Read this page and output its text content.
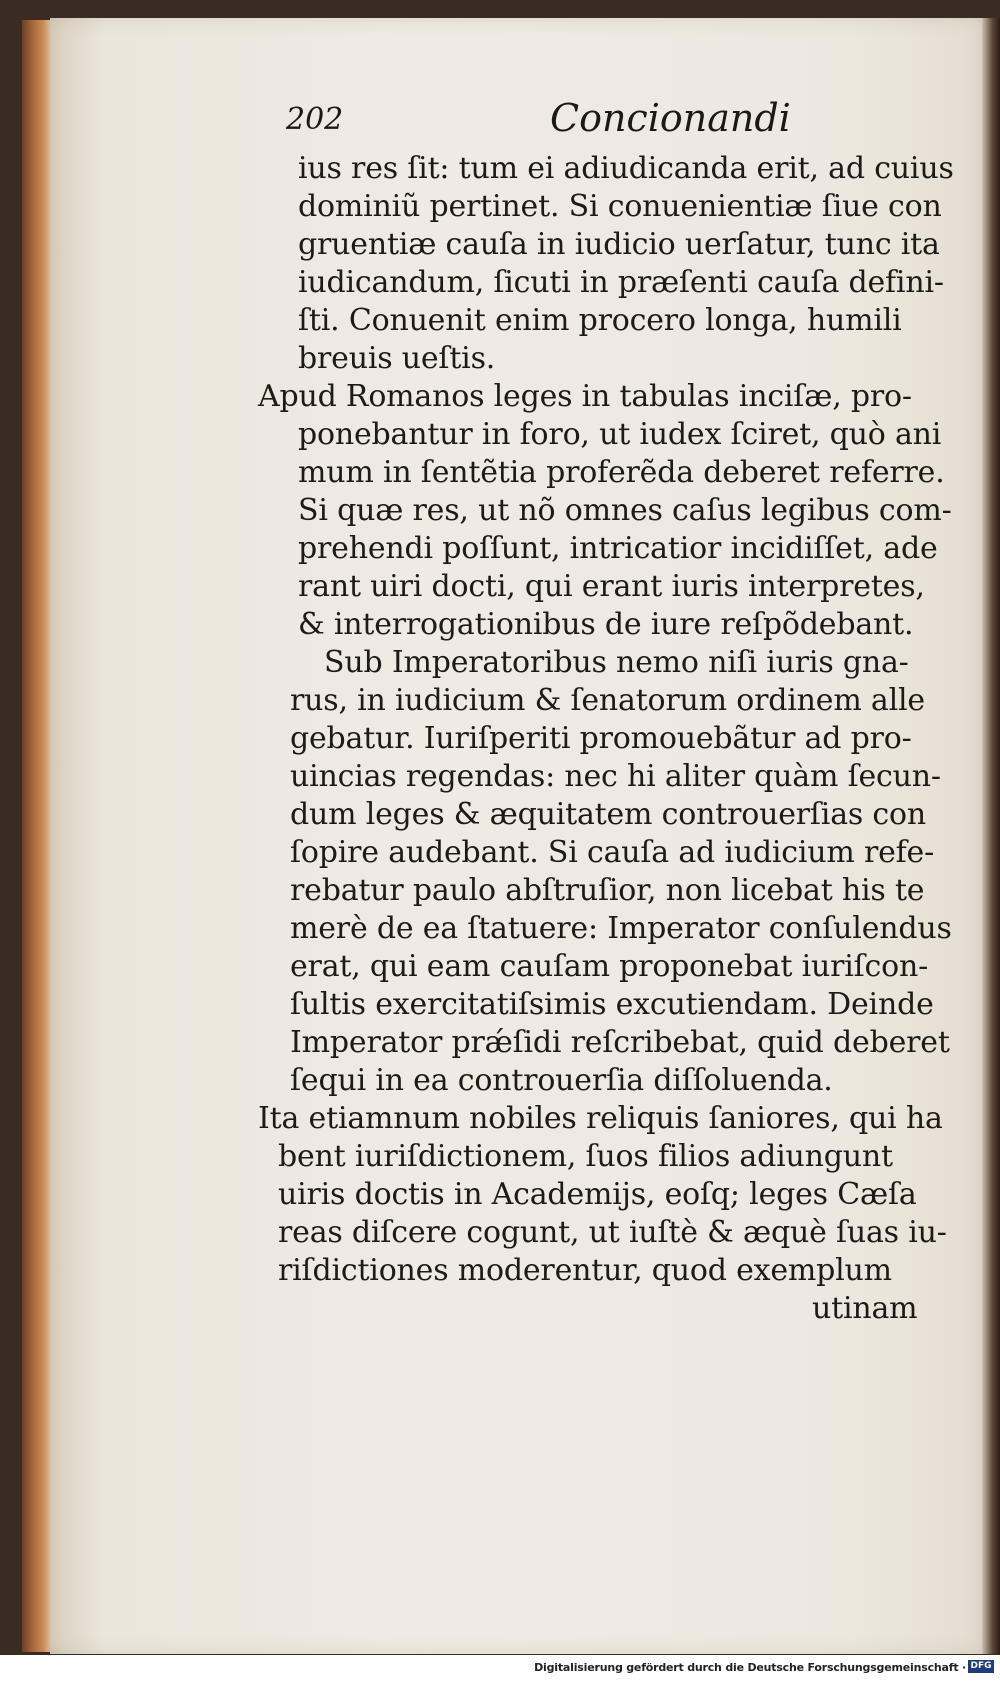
202	Concionandi
ius res ſit: tum ei adiudicanda erit, ad cuius
dominiũ pertinet. Si conuenientiæ ſiue con
gruentiæ cauſa in iudicio uerſatur, tunc ita
iudicandum, ſicuti in præſenti cauſa defini-
ſti. Conuenit enim procero longa, humili
breuis ueſtis.
Apud Romanos leges in tabulas inciſæ, pro-
ponebantur in foro, ut iudex ſciret, quò ani
mum in ſentẽtia proferẽda deberet referre.
Si quæ res, ut nõ omnes caſus legibus com-
prehendi poſſunt, intricatior incidiſſet, ade
rant uiri docti, qui erant iuris interpretes,
& interrogationibus de iure reſpõdebant.
Sub Imperatoribus nemo niſi iuris gna-
rus, in iudicium & ſenatorum ordinem alle
gebatur. Iuriſperiti promouebãtur ad pro-
uincias regendas: nec hi aliter quàm ſecun-
dum leges & æquitatem controuerſias con
ſopire audebant. Si cauſa ad iudicium refe-
rebatur paulo abſtruſior, non licebat his te
merè de ea ſtatuere: Imperator conſulendus
erat, qui eam cauſam proponebat iuriſcon-
ſultis exercitatiſsimis excutiendam. Deinde
Imperator prǽſidi reſcribebat, quid deberet
ſequi in ea controuerſia diſſoluenda.
Ita etiamnum nobiles reliquis ſaniores, qui ha
bent iuriſdictionem, ſuos filios adiungunt
uiris doctis in Academijs, eoſq; leges Cæſa
reas diſcere cogunt, ut iuſtè & æquè ſuas iu-
riſdictiones moderentur, quod exemplum
utinam
Digitalisierung gefördert durch die Deutsche Forschungsgemeinschaft · DFG
